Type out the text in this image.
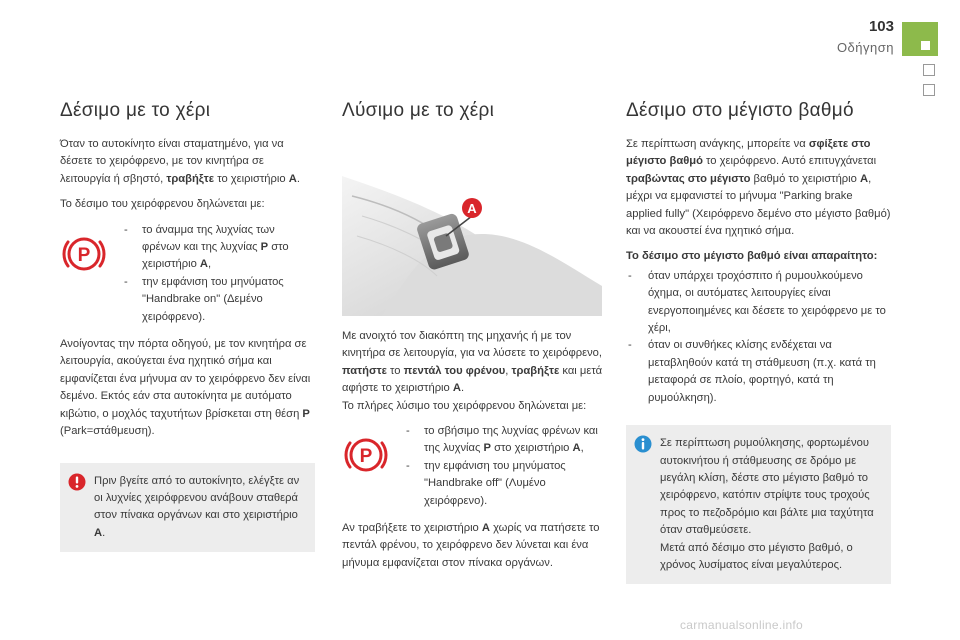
103
Οδήγηση
Δέσιμο με το χέρι

Όταν το αυτοκίνητο είναι σταματημένο, για να δέσετε το χειρόφρενο, με τον κινητήρα σε λειτουργία ή σβηστό, τραβήξτε το χειριστήριο A.

Το δέσιμο του χειρόφρενου δηλώνεται με:

P
- το άναμμα της λυχνίας των φρένων και της λυχνίας P στο χειριστήριο A,
- την εμφάνιση του μηνύματος "Handbrake on" (Δεμένο χειρόφρενο).

Ανοίγοντας την πόρτα οδηγού, με τον κινητήρα σε λειτουργία, ακούγεται ένα ηχητικό σήμα και εμφανίζεται ένα μήνυμα αν το χειρόφρενο δεν είναι δεμένο. Εκτός εάν στα αυτοκίνητα με αυτόματο κιβώτιο, ο μοχλός ταχυτήτων βρίσκεται στη θέση P (Park=στάθμευση).

Πριν βγείτε από το αυτοκίνητο, ελέγξτε αν οι λυχνίες χειρόφρενου ανάβουν σταθερά στον πίνακα οργάνων και στο χειριστήριο A.
Λύσιμο με το χέρι
A

Με ανοιχτό τον διακόπτη της μηχανής ή με τον κινητήρα σε λειτουργία, για να λύσετε το χειρόφρενο, πατήστε το πεντάλ του φρένου, τραβήξτε και μετά αφήστε το χειριστήριο A.

Το πλήρες λύσιμο του χειρόφρενου δηλώνεται με:

P
- το σβήσιμο της λυχνίας φρένων και της λυχνίας P στο χειριστήριο A,
- την εμφάνιση του μηνύματος "Handbrake off" (Λυμένο χειρόφρενο).

Αν τραβήξετε το χειριστήριο A χωρίς να πατήσετε το πεντάλ φρένου, το χειρόφρενο δεν λύνεται και ένα μήνυμα εμφανίζεται στον πίνακα οργάνων.

Δέσιμο στο μέγιστο βαθμό

Σε περίπτωση ανάγκης, μπορείτε να σφίξετε στο μέγιστο βαθμό το χειρόφρενο. Αυτό επιτυγχάνεται τραβώντας στο μέγιστο βαθμό το χειριστήριο A, μέχρι να εμφανιστεί το μήνυμα "Parking brake applied fully" (Χειρόφρενο δεμένο στο μέγιστο βαθμό) και να ακουστεί ένα ηχητικό σήμα.

Το δέσιμο στο μέγιστο βαθμό είναι απαραίτητο:

- όταν υπάρχει τροχόσπιτο ή ρυμουλκούμενο όχημα, οι αυτόματες λειτουργίες είναι ενεργοποιημένες και δέσετε το χειρόφρενο με το χέρι,
- όταν οι συνθήκες κλίσης ενδέχεται να μεταβληθούν κατά τη στάθμευση (π.χ. κατά τη μεταφορά σε πλοίο, φορτηγό, κατά τη ρυμούλκηση).
Σε περίπτωση ρυμούλκησης, φορτωμένου αυτοκινήτου ή στάθμευσης σε δρόμο με μεγάλη κλίση, δέστε στο μέγιστο βαθμό το χειρόφρενο, κατόπιν στρίψτε τους τροχούς προς το πεζοδρόμιο και βάλτε μια ταχύτητα όταν σταθμεύσετε.
Μετά από δέσιμο στο μέγιστο βαθμό, ο χρόνος λυσίματος είναι μεγαλύτερος.
carmanualsonline.info
